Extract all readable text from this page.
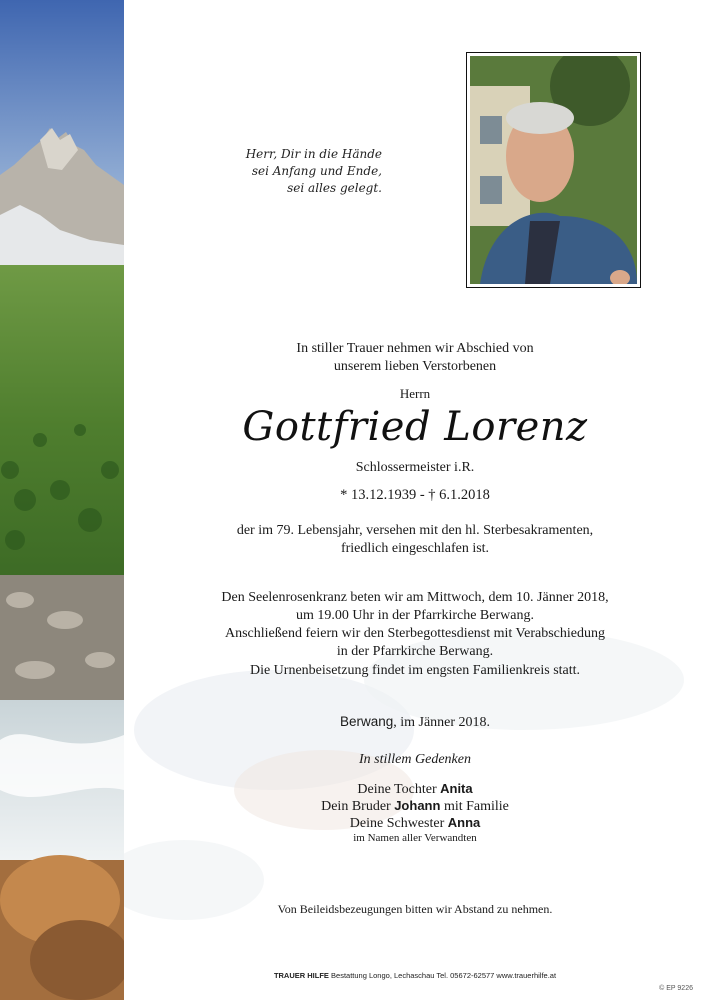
Herr, Dir in die Hände
sei Anfang und Ende,
sei alles gelegt.
In stiller Trauer nehmen wir Abschied von
unserem lieben Verstorbenen
Herrn
Gottfried Lorenz
Schlossermeister i.R.
* 13.12.1939 - † 6.1.2018
der im 79. Lebensjahr, versehen mit den hl. Sterbesakramenten,
friedlich eingeschlafen ist.
Den Seelenrosenkranz beten wir am Mittwoch, dem 10. Jänner 2018,
um 19.00 Uhr in der Pfarrkirche Berwang.
Anschließend feiern wir den Sterbegottesdienst mit Verabschiedung
in der Pfarrkirche Berwang.
Die Urnenbeisetzung findet im engsten Familienkreis statt.
Berwang, im Jänner 2018.
In stillem Gedenken
Deine Tochter Anita
Dein Bruder Johann mit Familie
Deine Schwester Anna
im Namen aller Verwandten
Von Beileidsbezeugungen bitten wir Abstand zu nehmen.
TRAUER HILFE Bestattung Longo, Lechaschau Tel. 05672-62577 www.trauerhilfe.at
© EP 9226
